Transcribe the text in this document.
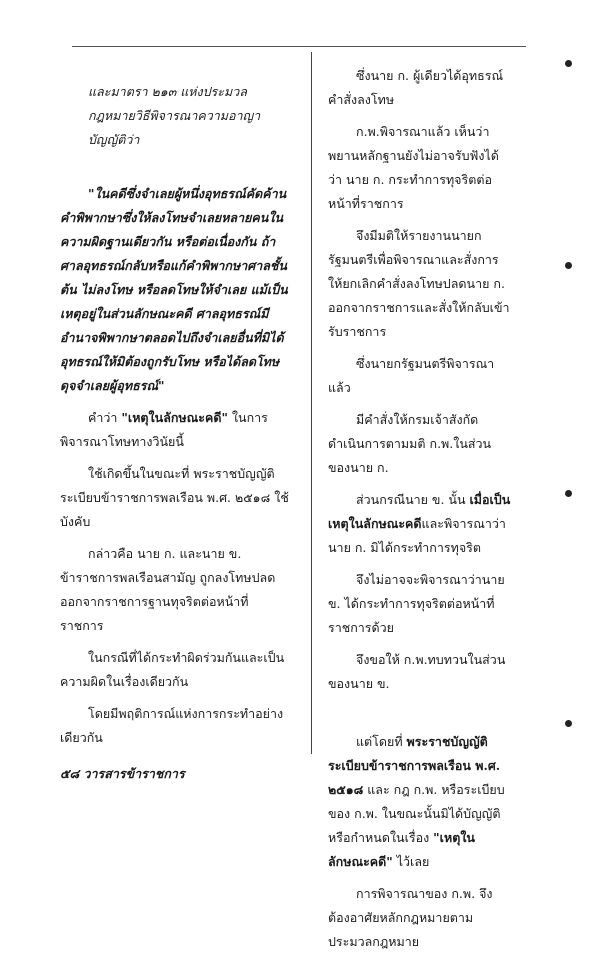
และมาตรา ๒๑๓ แห่งประมวล
กฎหมายวิธีพิจารณาความอาญา
บัญญัติว่า

"ในคดีซึ่งจำเลยผู้หนึ่งอุทธรณ์คัดค้านคำพิพากษาซึ่งให้ลงโทษจำเลยหลายคนในความผิดฐานเดียวกัน หรือต่อเนื่องกัน ถ้าศาลอุทธรณ์กลับหรือแก้คำพิพากษาศาลชั้นต้น ไม่ลงโทษ หรือลดโทษให้จำเลย แม้เป็นเหตุอยู่ในส่วนลักษณะคดี ศาลอุทธรณ์มีอำนาจพิพากษาตลอดไปถึงจำเลยอื่นที่มิได้อุทธรณ์ให้มิต้องถูกรับโทษ หรือได้ลดโทษดุจจำเลยผู้อุทธรณ์"

คำว่า "เหตุในลักษณะคดี" ในการพิจารณาโทษทางวินัยนี้

ใช้เกิดขึ้นในขณะที่ พระราชบัญญัติระเบียบข้าราชการพลเรือน พ.ศ. ๒๕๑๘ ใช้บังคับ

กล่าวคือ นาย ก. และนาย ข. ข้าราชการพลเรือนสามัญ ถูกลงโทษปลดออกจากราชการฐานทุจริตต่อหน้าที่ราชการ

ในกรณีที่ได้กระทำผิดร่วมกันและเป็นความผิดในเรื่องเดียวกัน

โดยมีพฤติการณ์แห่งการกระทำอย่างเดียวกัน

ซึ่งนาย ก. ผู้เดียวได้อุทธรณ์คำสั่งลงโทษ

ก.พ.พิจารณาแล้ว เห็นว่าพยานหลักฐานยังไม่อาจรับฟังได้ว่า นาย ก. กระทำการทุจริตต่อหน้าที่ราชการ

จึงมีมติให้รายงานนายกรัฐมนตรีเพื่อพิจารณาและสั่งการให้ยกเลิกคำสั่งลงโทษปลดนาย ก. ออกจากราชการและสั่งให้กลับเข้ารับราชการ

ซึ่งนายกรัฐมนตรีพิจารณาแล้ว

มีคำสั่งให้กรมเจ้าสังกัดดำเนินการตามมติ ก.พ.ในส่วนของนาย ก.

ส่วนกรณีนาย ข. นั้น เมื่อเป็นเหตุในลักษณะคดีและพิจารณาว่านาย ก. มิได้กระทำการทุจริต

จึงไม่อาจจะพิจารณาว่านาย ข. ได้กระทำการทุจริตต่อหน้าที่ราชการด้วย

จึงขอให้ ก.พ.ทบทวนในส่วนของนาย ข.

แต่โดยที่ พระราชบัญญัติระเบียบข้าราชการพลเรือน พ.ศ. ๒๕๑๘ และ กฎ ก.พ. หรือระเบียบของ ก.พ. ในขณะนั้นมิได้บัญญัติหรือกำหนดในเรื่อง "เหตุในลักษณะคดี" ไว้เลย

การพิจารณาของ ก.พ. จึงต้องอาศัยหลักกฎหมายตามประมวลกฎหมาย

๕๘ วารสารข้าราชการ
